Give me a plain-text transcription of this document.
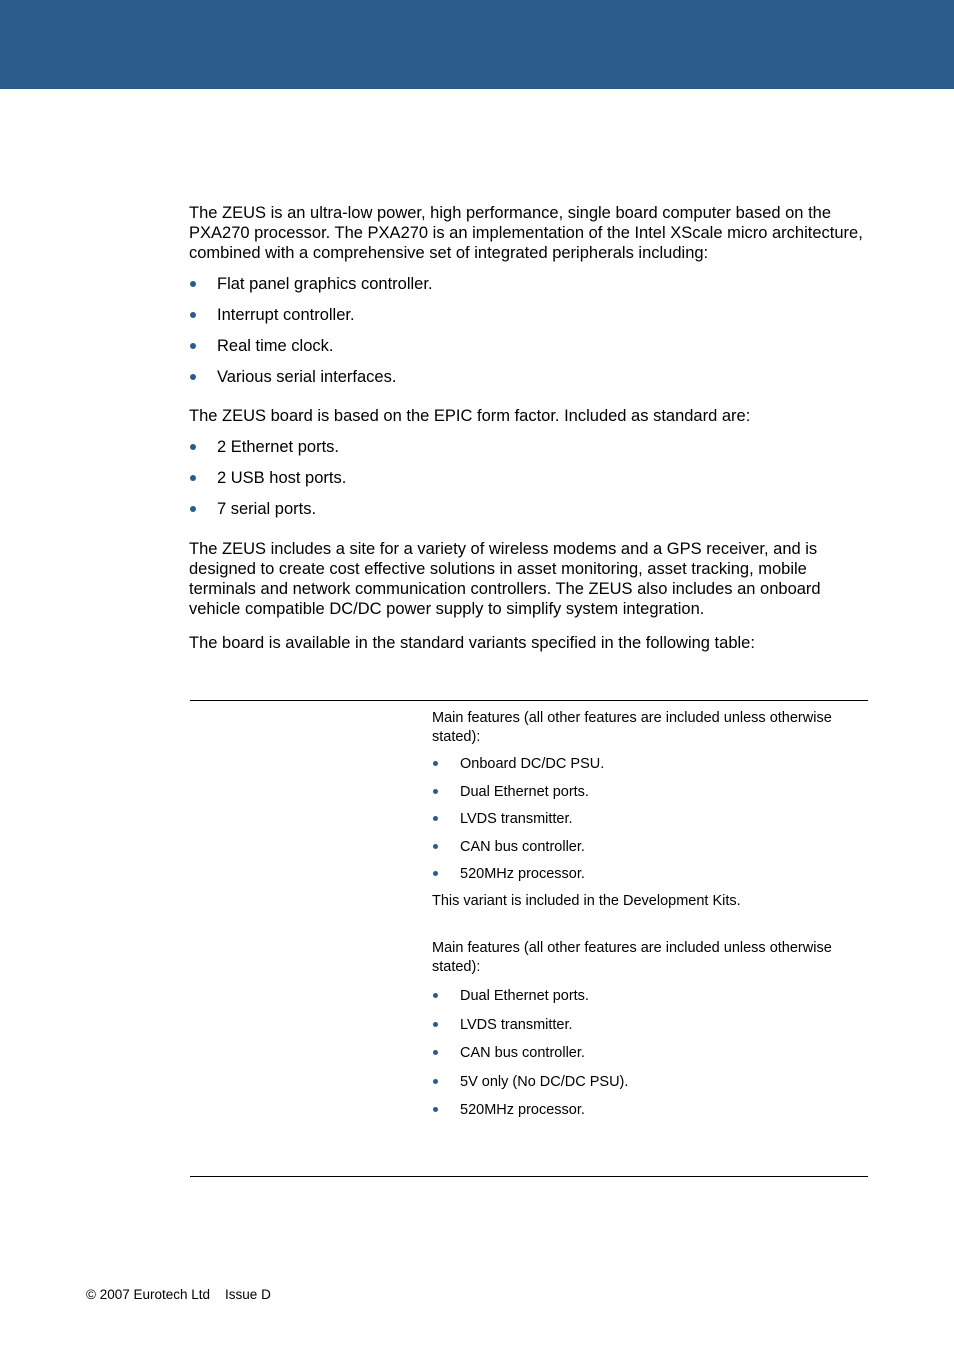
The ZEUS is an ultra-low power, high performance, single board computer based on the PXA270 processor. The PXA270 is an implementation of the Intel XScale micro architecture, combined with a comprehensive set of integrated peripherals including:

Flat panel graphics controller.
Interrupt controller.
Real time clock.
Various serial interfaces.

The ZEUS board is based on the EPIC form factor. Included as standard are:

2 Ethernet ports.
2 USB host ports.
7 serial ports.

The ZEUS includes a site for a variety of wireless modems and a GPS receiver, and is designed to create cost effective solutions in asset monitoring, asset tracking, mobile terminals and network communication controllers. The ZEUS also includes an onboard vehicle compatible DC/DC power supply to simplify system integration.

The board is available in the standard variants specified in the following table:

Main features (all other features are included unless otherwise stated):

Onboard DC/DC PSU.
Dual Ethernet ports.
LVDS transmitter.
CAN bus controller.
520MHz processor.

This variant is included in the Development Kits.

Main features (all other features are included unless otherwise stated):

Dual Ethernet ports.
LVDS transmitter.
CAN bus controller.
5V only (No DC/DC PSU).
520MHz processor.
© 2007 Eurotech Ltd Issue D
